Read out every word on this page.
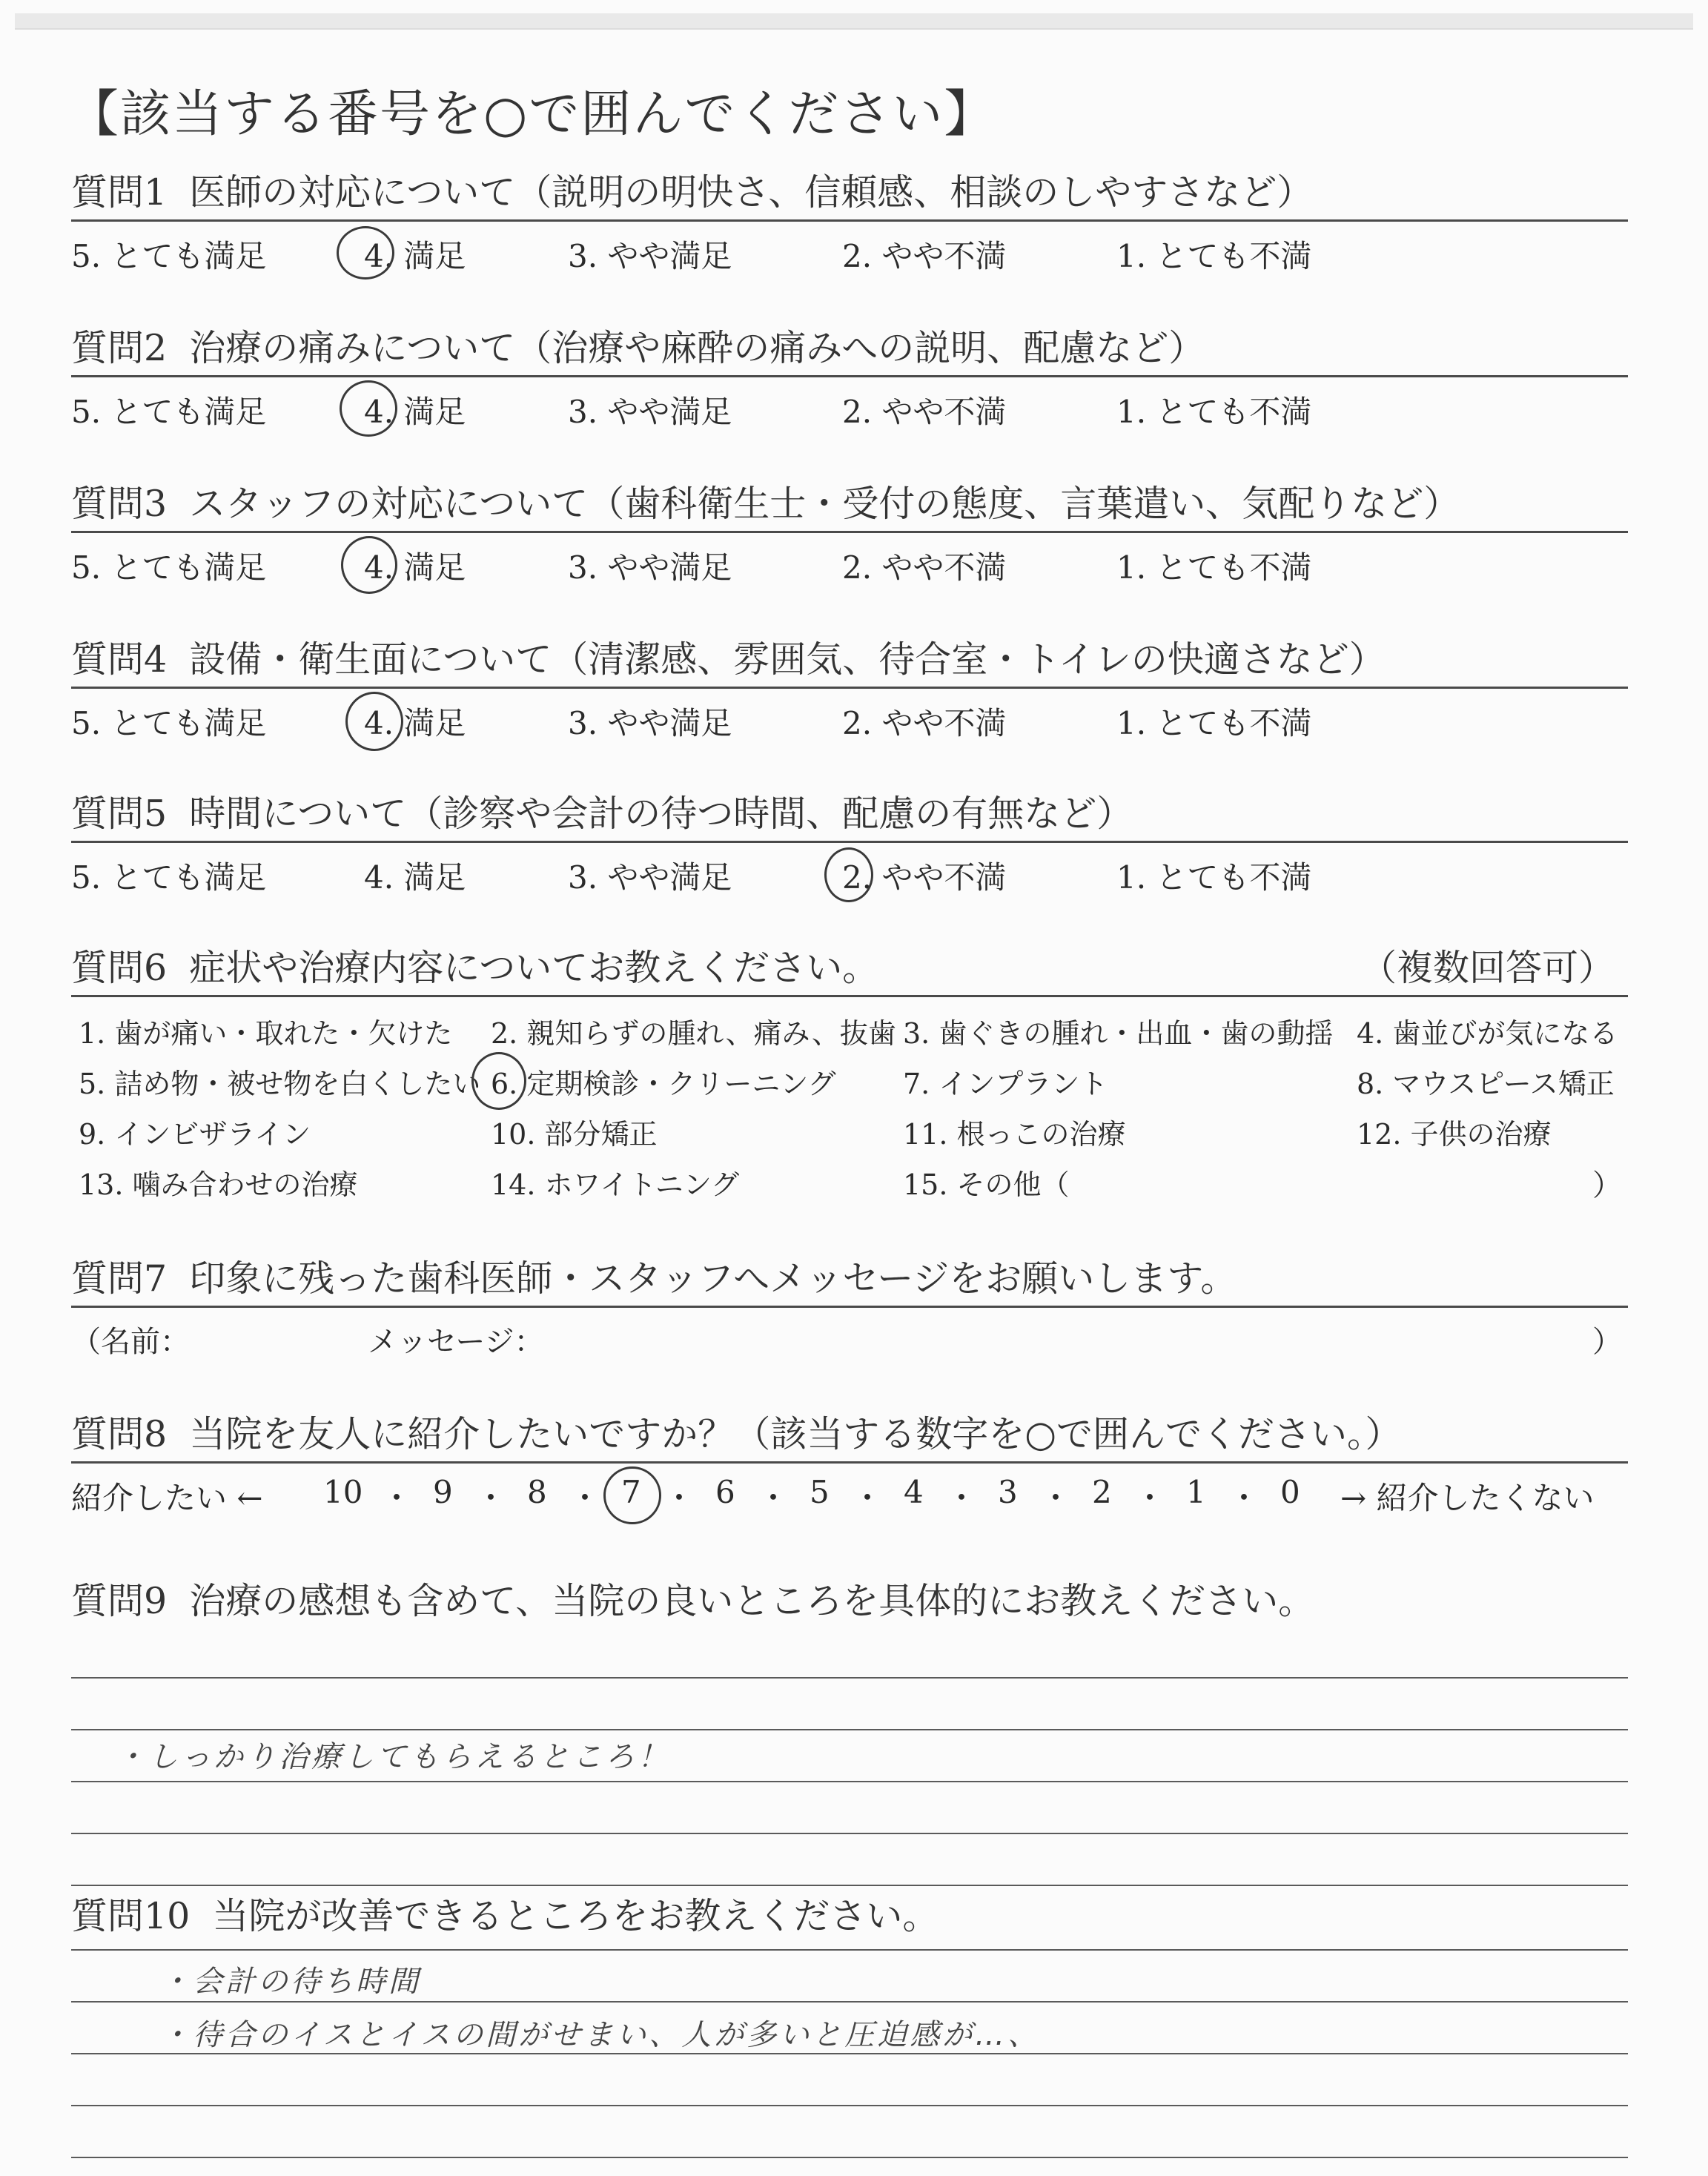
【該当する番号を○で囲んでください】
質問1 医師の対応について（説明の明快さ、信頼感、相談のしやすさなど）
5. とても満足	4. 満足	3. やや満足	2. やや不満	1. とても不満
質問2 治療の痛みについて（治療や麻酔の痛みへの説明、配慮など）
5. とても満足	4. 満足	3. やや満足	2. やや不満	1. とても不満
質問3 スタッフの対応について（歯科衛生士・受付の態度、言葉遣い、気配りなど）
5. とても満足	4. 満足	3. やや満足	2. やや不満	1. とても不満
質問4 設備・衛生面について（清潔感、雰囲気、待合室・トイレの快適さなど）
5. とても満足	4. 満足	3. やや満足	2. やや不満	1. とても不満
質問5 時間について（診察や会計の待つ時間、配慮の有無など）
5. とても満足	4. 満足	3. やや満足	2. やや不満	1. とても不満
質問6 症状や治療内容についてお教えください。	（複数回答可）
1. 歯が痛い・取れた・欠けた 2. 親知らずの腫れ、痛み、抜歯 3. 歯ぐきの腫れ・出血・歯の動揺 4. 歯並びが気になる
5. 詰め物・被せ物を白くしたい 6. 定期検診・クリーニング 7. インプラント	8. マウスピース矯正
9. インビザライン	10. 部分矯正	11. 根っこの治療	12. 子供の治療
13. 噛み合わせの治療	14. ホワイトニング	15. その他（	）
質問7 印象に残った歯科医師・スタッフへメッセージをお願いします。
（名前：	メッセージ：	）
質問8 当院を友人に紹介したいですか？（該当する数字を○で囲んでください。）
紹介したい ← 10 ・ 9 ・ 8 ・ 7 ・ 6 ・ 5 ・ 4 ・ 3 ・ 2 ・ 1 ・ 0 → 紹介したくない
質問9 治療の感想も含めて、当院の良いところを具体的にお教えください。
・しっかり治療してもらえるところ！
質問10 当院が改善できるところをお教えください。
・会計の待ち時間
・待合のイスとイスの間がせまい、人が多いと圧迫感が…、
